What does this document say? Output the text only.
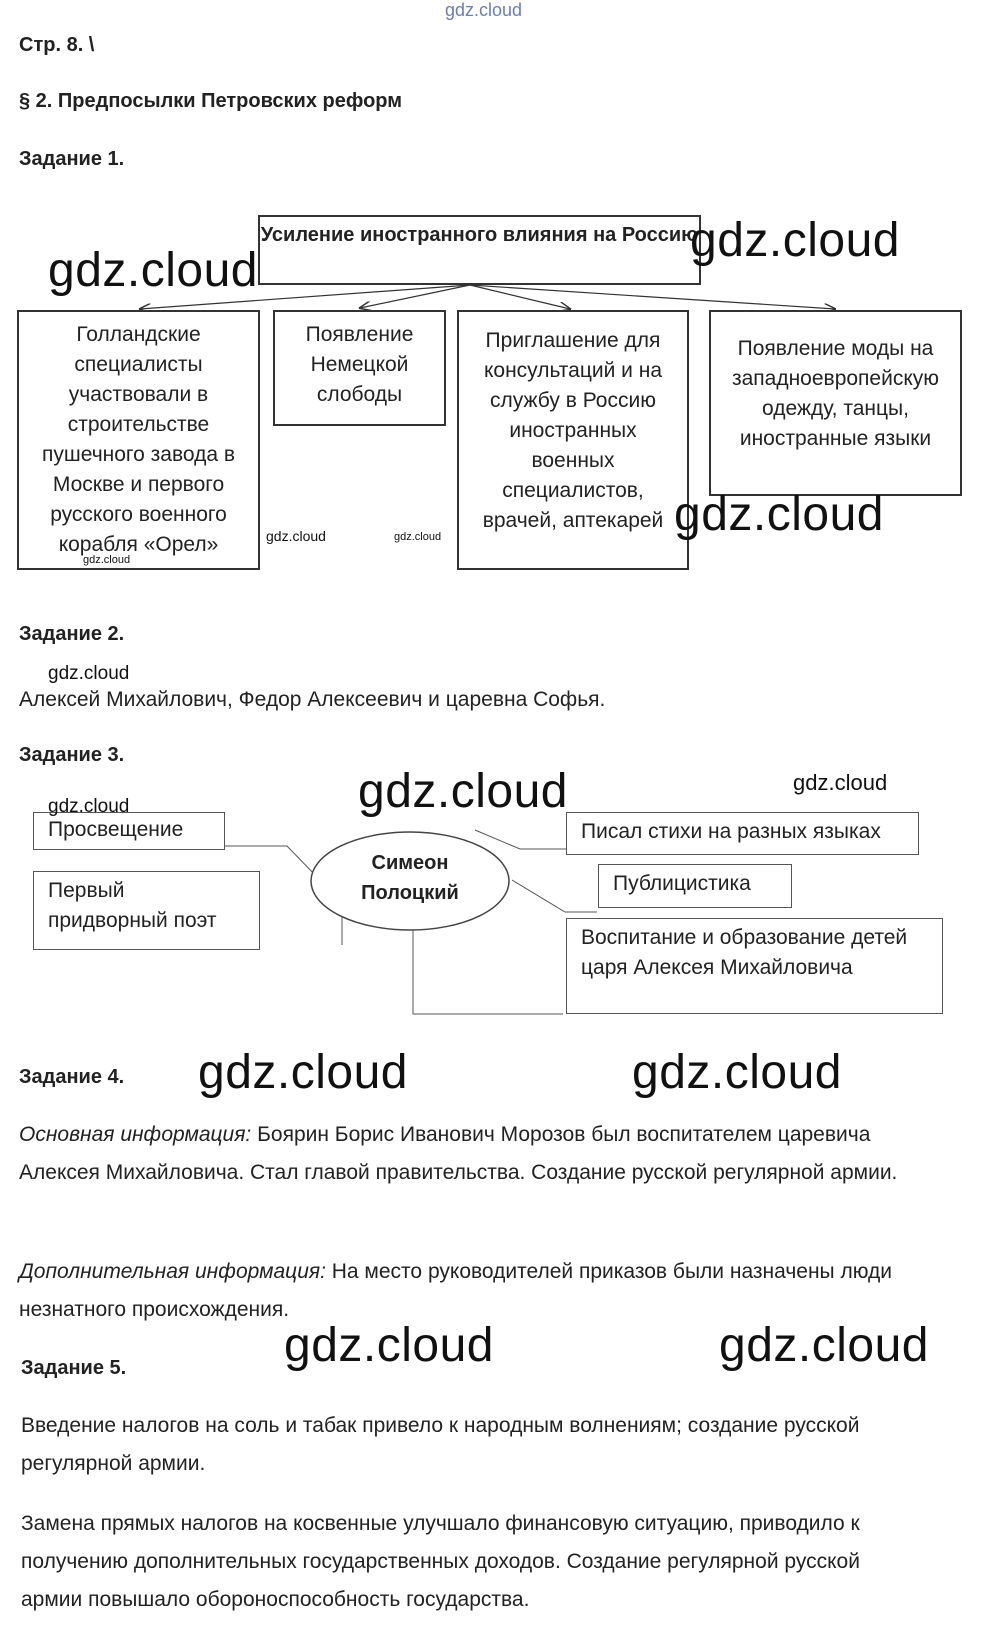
gdz.cloud
Стр. 8. \
§ 2. Предпосылки Петровских реформ
Задание 1.
Усиление иностранного влияния на Россию
Голландские специалисты участвовали в строительстве пушечного завода в Москве и первого русского военного корабля «Орел»
Появление Немецкой слободы
Приглашение для консультаций и на службу в Россию иностранных военных специалистов, врачей, аптекарей
Появление моды на западноевропейскую одежду, танцы, иностранные языки
Задание 2.
Алексей Михайлович, Федор Алексеевич и царевна Софья.
Задание 3.
Симеон Полоцкий
Просвещение
Первый придворный поэт
Писал стихи на разных языках
Публицистика
Воспитание и образование детей царя Алексея Михайловича
Задание 4.
Основная информация: Боярин Борис Иванович Морозов был воспитателем царевича Алексея Михайловича. Стал главой правительства. Создание русской регулярной армии.
Дополнительная информация: На место руководителей приказов были назначены люди незнатного происхождения.
Задание 5.
Введение налогов на соль и табак привело к народным волнениям; создание русской регулярной армии.
Замена прямых налогов на косвенные улучшало финансовую ситуацию, приводило к получению дополнительных государственных доходов. Создание регулярной русской армии повышало обороноспособность государства.
gdz.cloud
gdz.cloud
gdz.cloud
gdz.cloud	gdz.cloud
gdz.cloud
gdz.cloud
gdz.cloud	gdz.cloud
gdz.cloud
gdz.cloud	gdz.cloud
gdz.cloud	gdz.cloud
